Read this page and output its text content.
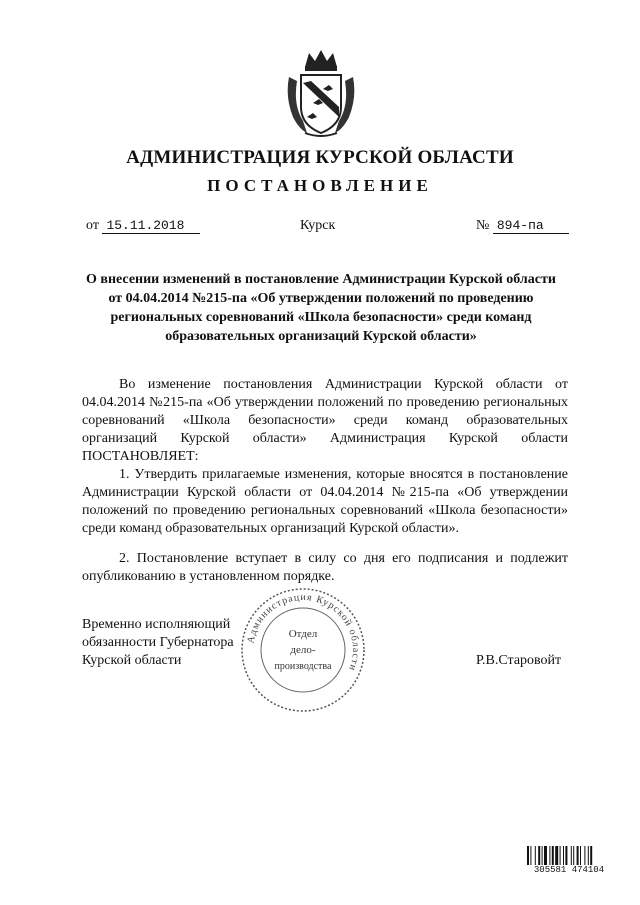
АДМИНИСТРАЦИЯ КУРСКОЙ ОБЛАСТИ
ПОСТАНОВЛЕНИЕ
от 15.11.2018	Курск	№ 894-па
О внесении изменений в постановление Администрации Курской области от 04.04.2014 №215-па «Об утверждении положений по проведению региональных соревнований «Школа безопасности» среди команд образовательных организаций Курской области»
Во изменение постановления Администрации Курской области от 04.04.2014 №215-па «Об утверждении положений по проведению региональных соревнований «Школа безопасности» среди команд образовательных организаций Курской области» Администрация Курской области ПОСТАНОВЛЯЕТ:
1. Утвердить прилагаемые изменения, которые вносятся в постановление Администрации Курской области от 04.04.2014 №215-па «Об утверждении положений по проведению региональных соревнований «Школа безопасности» среди команд образовательных организаций Курской области».
2. Постановление вступает в силу со дня его подписания и подлежит опубликованию в установленном порядке.
Временно исполняющий
обязанности Губернатора
Курской области	Р.В.Старовойт
Администрация Курской области
Отдел
дело-
производства
305581 474104
